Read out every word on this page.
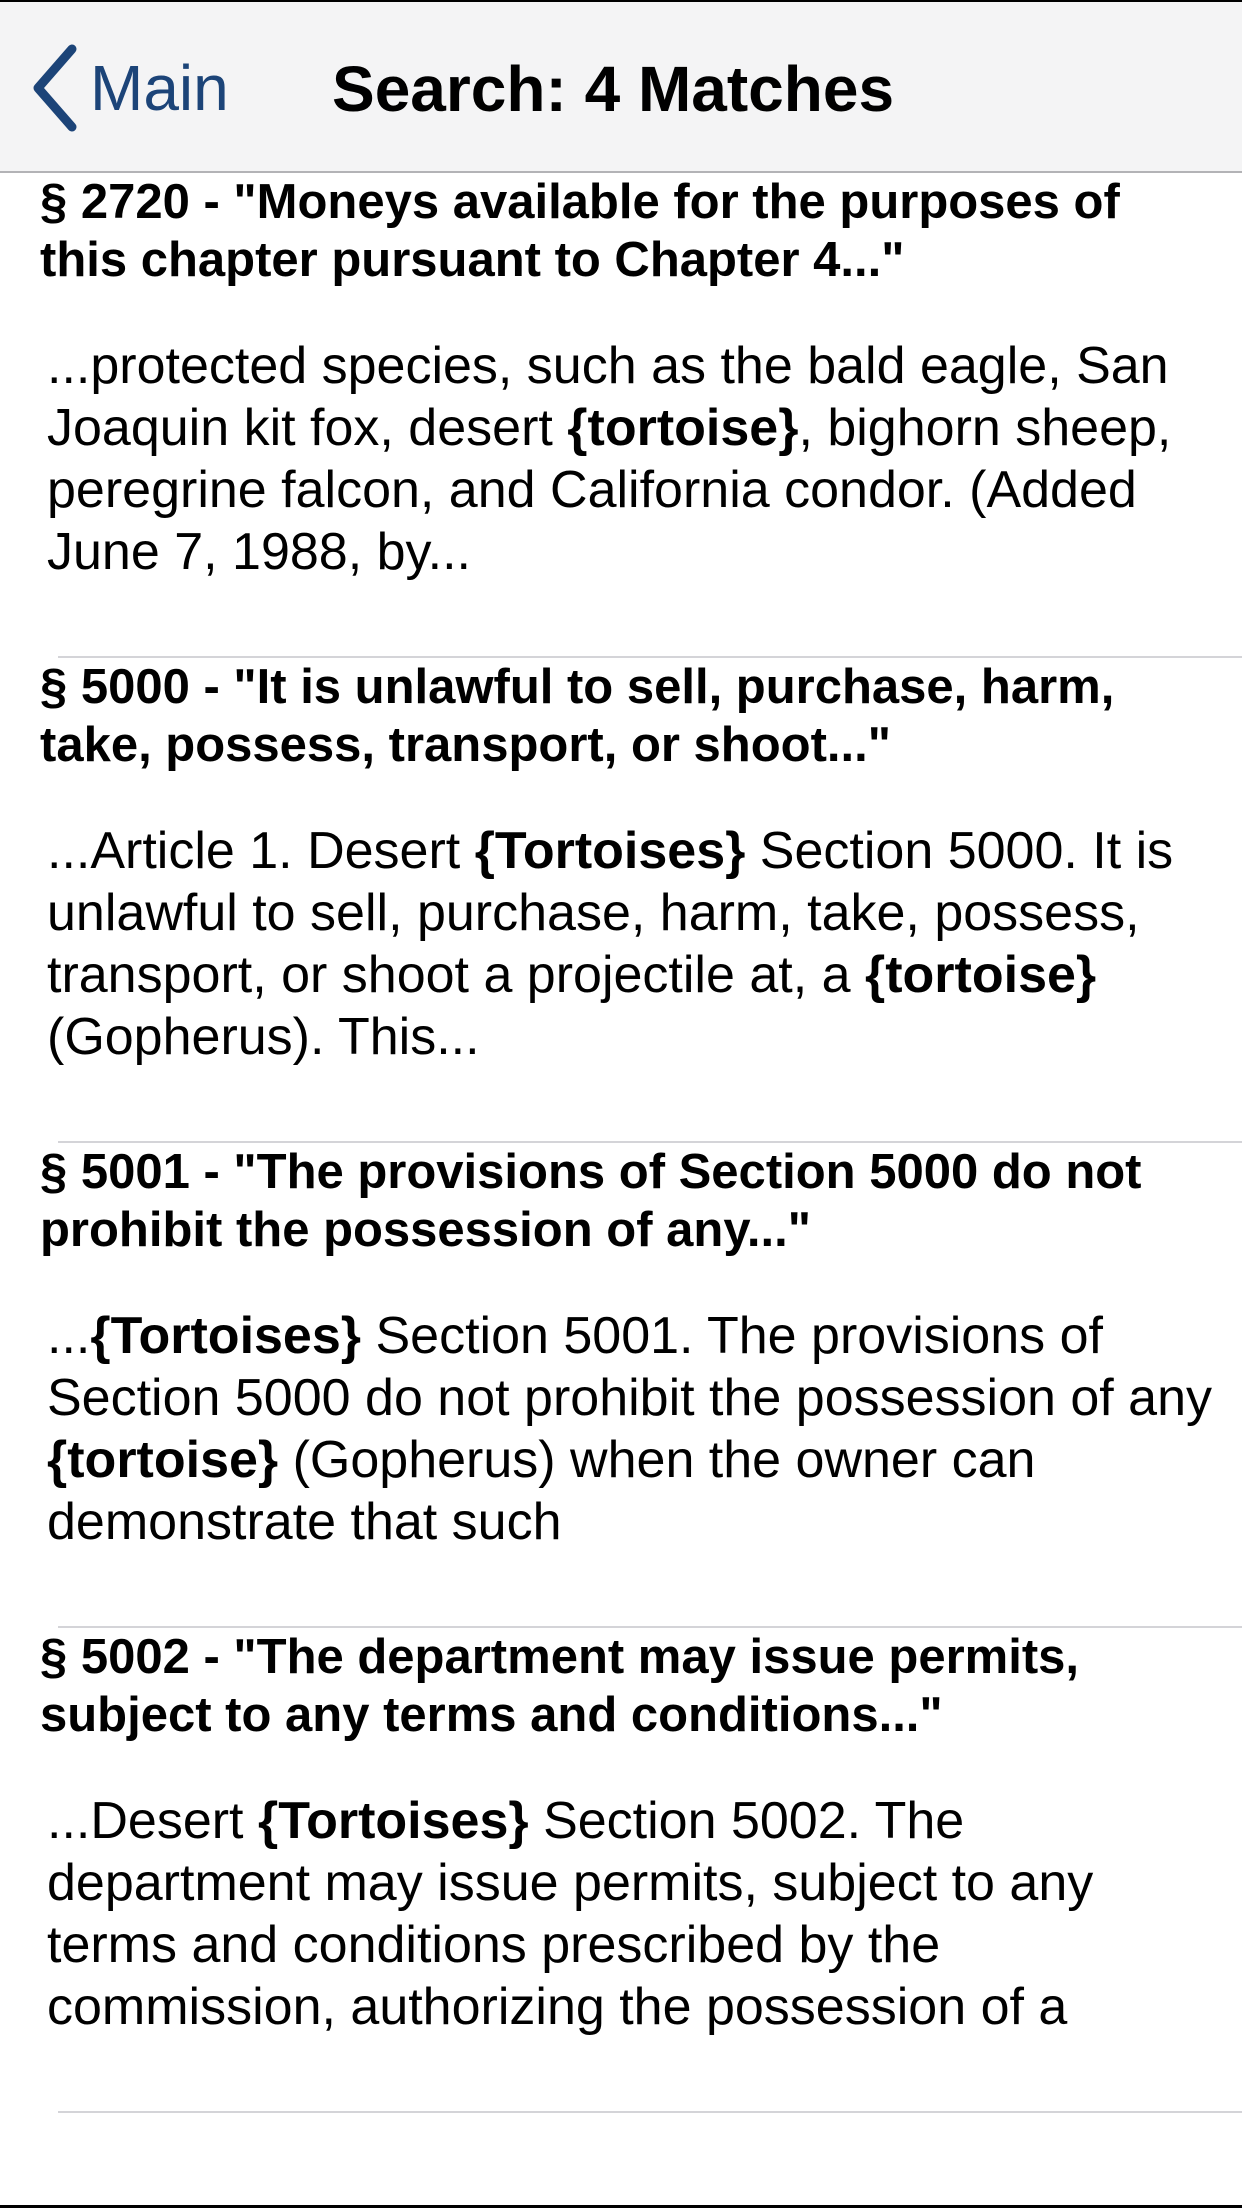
Main Search: 4 Matches

§ 2720 - "Moneys available for the purposes of this chapter pursuant to Chapter 4..."

...protected species, such as the bald eagle, San Joaquin kit fox, desert {tortoise}, bighorn sheep, peregrine falcon, and California condor. (Added June 7, 1988, by...

§ 5000 - "It is unlawful to sell, purchase, harm, take, possess, transport, or shoot..."

...Article 1. Desert {Tortoises} Section 5000. It is unlawful to sell, purchase, harm, take, possess, transport, or shoot a projectile at, a {tortoise} (Gopherus). This...

§ 5001 - "The provisions of Section 5000 do not prohibit the possession of any..."

...{Tortoises} Section 5001. The provisions of Section 5000 do not prohibit the possession of any {tortoise} (Gopherus) when the owner can demonstrate that such

§ 5002 - "The department may issue permits, subject to any terms and conditions..."

...Desert {Tortoises} Section 5002. The department may issue permits, subject to any terms and conditions prescribed by the commission, authorizing the possession of a
